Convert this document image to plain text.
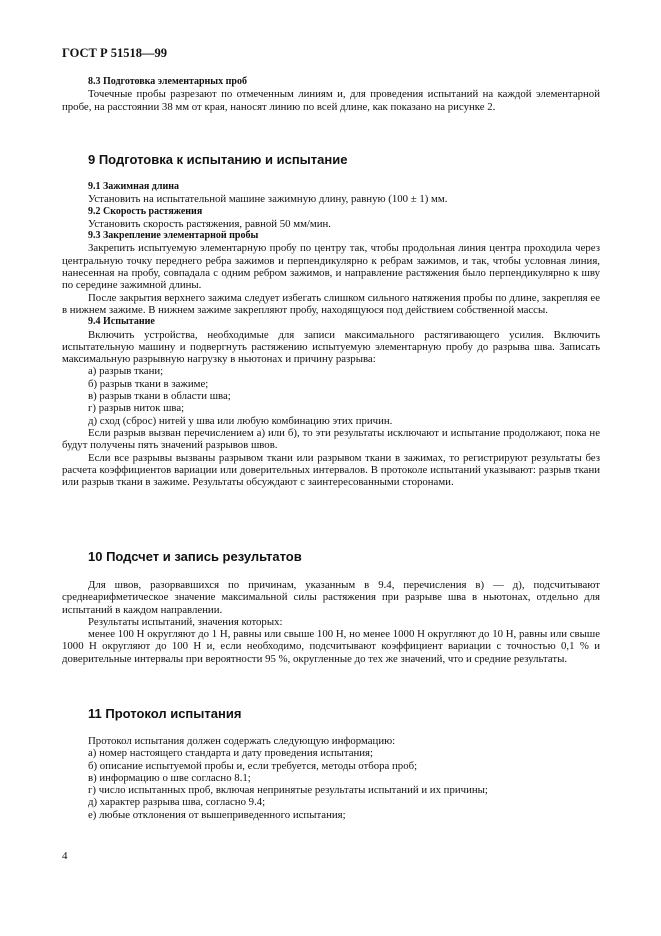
ГОСТ Р 51518—99

8.3 Подготовка элементарных проб

Точечные пробы разрезают по отмеченным линиям и, для проведения испытаний на каждой элементарной пробе, на расстоянии 38 мм от края, наносят линию по всей длине, как показано на рисунке 2.

9 Подготовка к испытанию и испытание

9.1 Зажимная длина

Установить на испытательной машине зажимную длину, равную (100 ± 1) мм.

9.2 Скорость растяжения

Установить скорость растяжения, равной 50 мм/мин.

9.3 Закрепление элементарной пробы

Закрепить испытуемую элементарную пробу по центру так, чтобы продольная линия центра проходила через центральную точку переднего ребра зажимов и перпендикулярно к ребрам зажимов, и так, чтобы условная линия, нанесенная на пробу, совпадала с одним ребром зажимов, и направление растяжения было перпендикулярно к шву по середине зажимной длины.

После закрытия верхнего зажима следует избегать слишком сильного натяжения пробы по длине, закрепляя ее в нижнем зажиме. В нижнем зажиме закрепляют пробу, находящуюся под действием собственной массы.

9.4 Испытание

Включить устройства, необходимые для записи максимального растягивающего усилия. Включить испытательную машину и подвергнуть растяжению испытуемую элементарную пробу до разрыва шва. Записать максимальную разрывную нагрузку в ньютонах и причину разрыва:

а) разрыв ткани;

б) разрыв ткани в зажиме;

в) разрыв ткани в области шва;

г) разрыв ниток шва;

д) сход (сброс) нитей у шва или любую комбинацию этих причин.

Если разрыв вызван перечислением а) или б), то эти результаты исключают и испытание продолжают, пока не будут получены пять значений разрывов швов.

Если все разрывы вызваны разрывом ткани или разрывом ткани в зажимах, то регистрируют результаты без расчета коэффициентов вариации или доверительных интервалов. В протоколе испытаний указывают: разрыв ткани или разрыв ткани в зажиме. Результаты обсуждают с заинтересованными сторонами.

10 Подсчет и запись результатов

Для швов, разорвавшихся по причинам, указанным в 9.4, перечисления в) — д), подсчитывают среднеарифметическое значение максимальной силы растяжения при разрыве шва в ньютонах, отдельно для испытаний в каждом направлении.

Результаты испытаний, значения которых:

менее 100 Н округляют до 1 Н, равны или свыше 100 Н, но менее 1000 Н округляют до 10 Н, равны или свыше 1000 Н округляют до 100 Н и, если необходимо, подсчитывают коэффициент вариации с точностью 0,1 % и доверительные интервалы при вероятности 95 %, округленные до тех же значений, что и средние результаты.

11 Протокол испытания

Протокол испытания должен содержать следующую информацию:

а) номер настоящего стандарта и дату проведения испытания;

б) описание испытуемой пробы и, если требуется, методы отбора проб;

в) информацию о шве согласно 8.1;

г) число испытанных проб, включая непринятые результаты испытаний и их причины;

д) характер разрыва шва, согласно 9.4;

е) любые отклонения от вышеприведенного испытания;

4
